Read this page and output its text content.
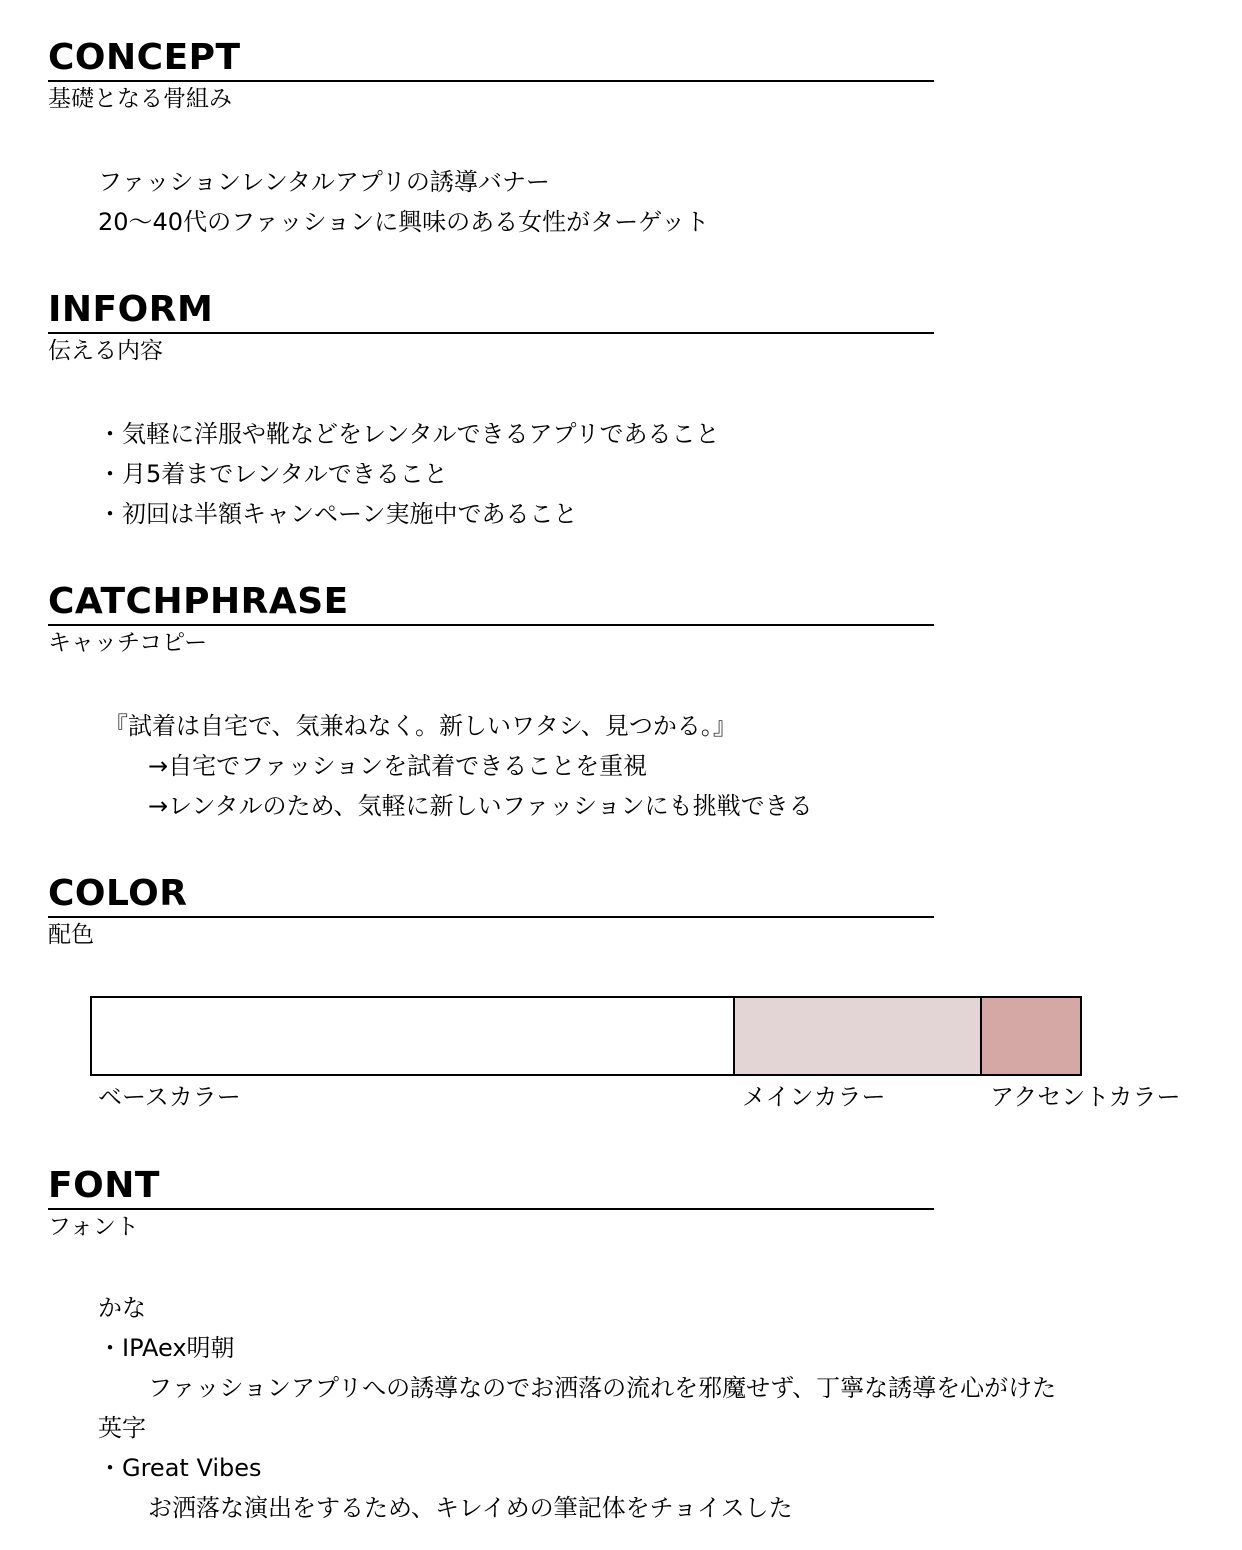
CONCEPT
基礎となる骨組み
ファッションレンタルアプリの誘導バナー
20〜40代のファッションに興味のある女性がターゲット
INFORM
伝える内容
・気軽に洋服や靴などをレンタルできるアプリであること
・月5着までレンタルできること
・初回は半額キャンペーン実施中であること
CATCHPHRASE
キャッチコピー
『試着は自宅で、気兼ねなく。新しいワタシ、見つかる。』
→自宅でファッションを試着できることを重視
→レンタルのため、気軽に新しいファッションにも挑戦できる
COLOR
配色
ベースカラー	メインカラー	アクセントカラー
FONT
フォント
かな
・IPAex明朝
ファッションアプリへの誘導なのでお洒落の流れを邪魔せず、丁寧な誘導を心がけた
英字
・Great Vibes
お洒落な演出をするため、キレイめの筆記体をチョイスした
